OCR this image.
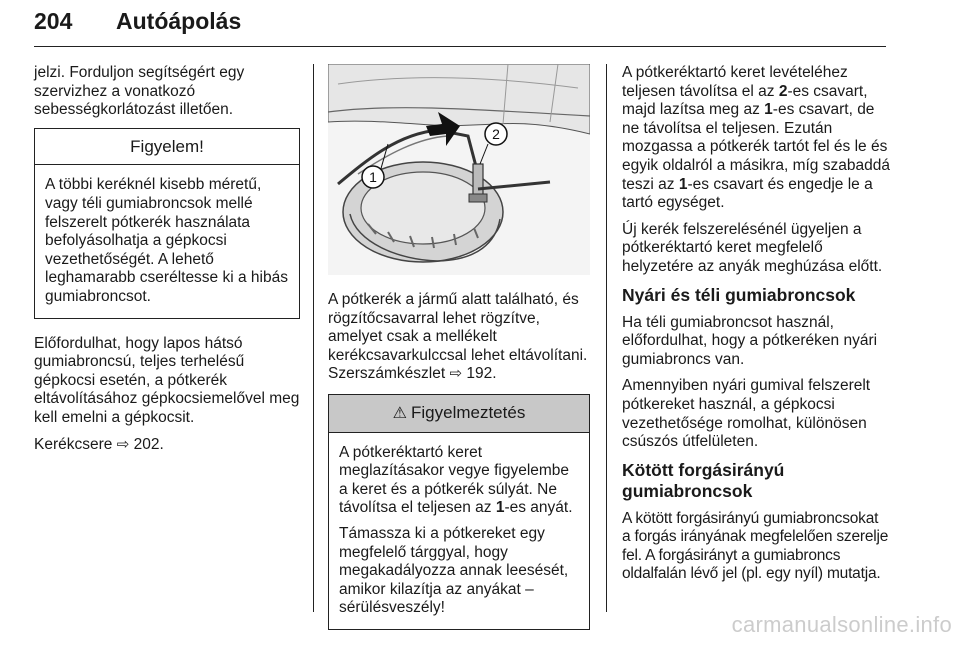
204 Autóápolás

jelzi. Forduljon segítségért egy szervizhez a vonatkozó sebességkorlátozást illetően.

Figyelem!

A többi keréknél kisebb méretű, vagy téli gumiabroncsok mellé felszerelt pótkerék használata befolyásolhatja a gépkocsi vezethetőségét. A lehető leghamarabb cseréltesse ki a hibás gumiabroncsot.

Előfordulhat, hogy lapos hátsó gumiabroncsú, teljes terhelésű gépkocsi esetén, a pótkerék eltávolításához gépkocsiemelővel meg kell emelni a gépkocsit.

Kerékcsere ⇨ 202.

1
2

A pótkerék a jármű alatt található, és rögzítőcsavarral lehet rögzítve, amelyet csak a mellékelt kerékcsavarkulccsal lehet eltávolítani. Szerszámkészlet ⇨ 192.

⚠ Figyelmeztetés

A pótkeréktartó keret meglazításakor vegye figyelembe a keret és a pótkerék súlyát. Ne távolítsa el teljesen az 1-es anyát.

Támassza ki a pótkereket egy megfelelő tárggyal, hogy megakadályozza annak leesését, amikor kilazítja az anyákat – sérülésveszély!

A pótkeréktartó keret levételéhez teljesen távolítsa el az 2-es csavart, majd lazítsa meg az 1-es csavart, de ne távolítsa el teljesen. Ezután mozgassa a pótkerék tartót fel és le és egyik oldalról a másikra, míg szabaddá teszi az 1-es csavart és engedje le a tartó egységet.

Új kerék felszerelésénél ügyeljen a pótkeréktartó keret megfelelő helyzetére az anyák meghúzása előtt.

Nyári és téli gumiabroncsok

Ha téli gumiabroncsot használ, előfordulhat, hogy a pótkeréken nyári gumiabroncs van.

Amennyiben nyári gumival felszerelt pótkereket használ, a gépkocsi vezethetősége romolhat, különösen csúszós útfelületen.

Kötött forgásirányú gumiabroncsok

A kötött forgásirányú gumiabroncsokat a forgás irányának megfelelően szerelje fel. A forgásirányt a gumiabroncs oldalfalán lévő jel (pl. egy nyíl) mutatja.

carmanualsonline.info
